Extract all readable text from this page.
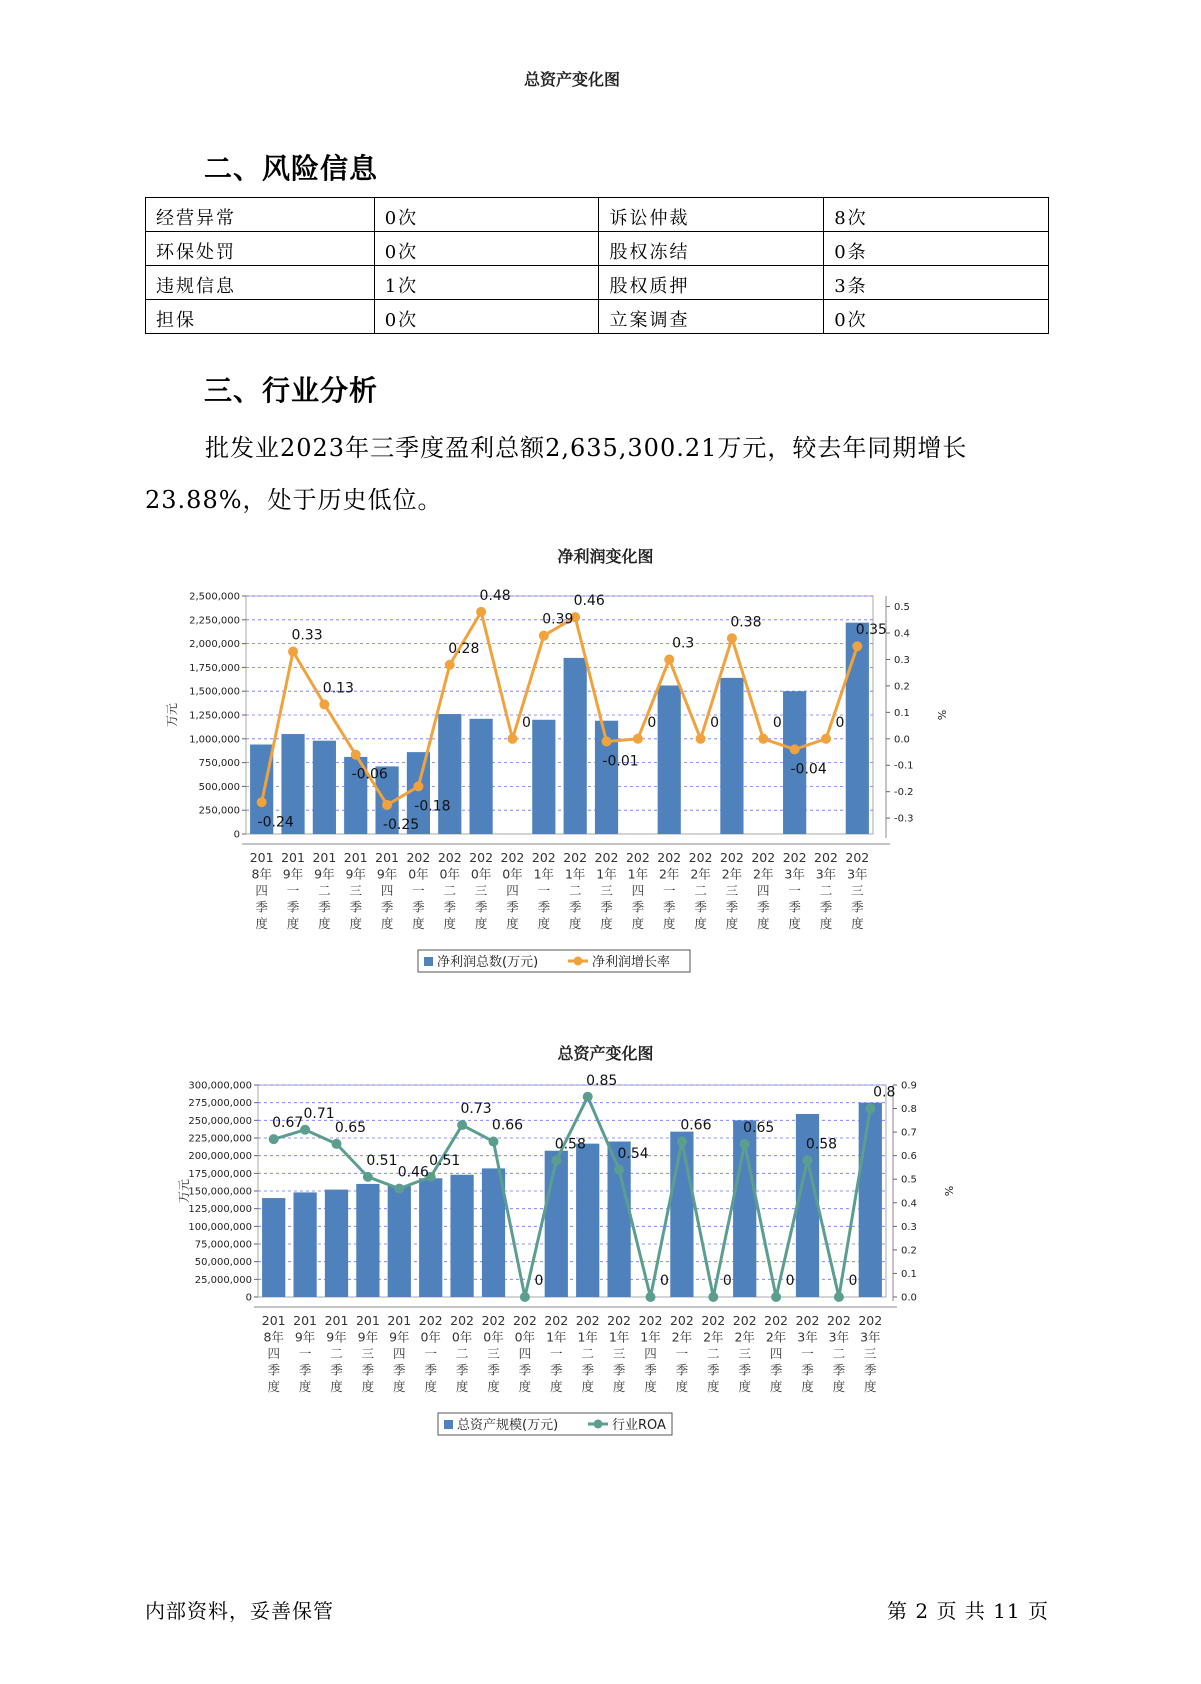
二、风险信息
经营异常	0次	诉讼仲裁	8次
环保处罚	0次	股权冻结	0条
违规信息	1次	股权质押	3条
担保	0次	立案调查	0次
三、行业分析
批发业2023年三季度盈利总额2,635,300.21万元，较去年同期增长23.88%，处于历史低位。
2,500,000
2,250,000
2,000,000
1,750,000
1,500,000
1,250,000
1,000,000
750,000
500,000
250,000
0
0.5
0.4
0.3
0.2
0.1
0.0
-0.1
-0.2
-0.3
万元	%
-0.24
0.33
0.13
-0.06
-0.25
-0.18
0.28
0.48
0
0.39
0.46
-0.01
0
0.3
0
0.38
0
-0.04
0
0.35
201
8年
四
季
度
201
9年
一
季
度
201
9年
二
季
度
201
9年
三
季
度
201
9年
四
季
度
202
0年
一
季
度
202
0年
二
季
度
202
0年
三
季
度
202
0年
四
季
度
202
1年
一
季
度
202
1年
二
季
度
202
1年
三
季
度
202
1年
四
季
度
202
2年
一
季
度
202
2年
二
季
度
202
2年
三
季
度
202
2年
四
季
度
202
3年
一
季
度
202
3年
二
季
度
202
3年
三
季
度
净利润总数(万元)	净利润增长率
总资产变化图
300,000,000
275,000,000
250,000,000
225,000,000
200,000,000
175,000,000
150,000,000
125,000,000
100,000,000
75,000,000
50,000,000
25,000,000
0
0.9
0.8
0.7
0.6
0.5
0.4
0.3
0.2
0.1
0.0
万元	%
0.67
0.71
0.65
0.51
0.46
0.51
0.73
0.66
0
0.58
0.85
0.54
0
0.66
0
0.65
0
0.58
0
0.8
201
8年
四
季
度
201
9年
一
季
度
201
9年
二
季
度
201
9年
三
季
度
201
9年
四
季
度
202
0年
一
季
度
202
0年
二
季
度
202
0年
三
季
度
202
0年
四
季
度
202
1年
一
季
度
202
1年
二
季
度
202
1年
三
季
度
202
1年
四
季
度
202
2年
一
季
度
202
2年
二
季
度
202
2年
三
季
度
202
2年
四
季
度
202
3年
一
季
度
202
3年
二
季
度
202
3年
三
季
度
总资产规模(万元)	行业ROA
内部资料，妥善保管	第 2 页 共 11 页
净利润变化图
总资产变化图
